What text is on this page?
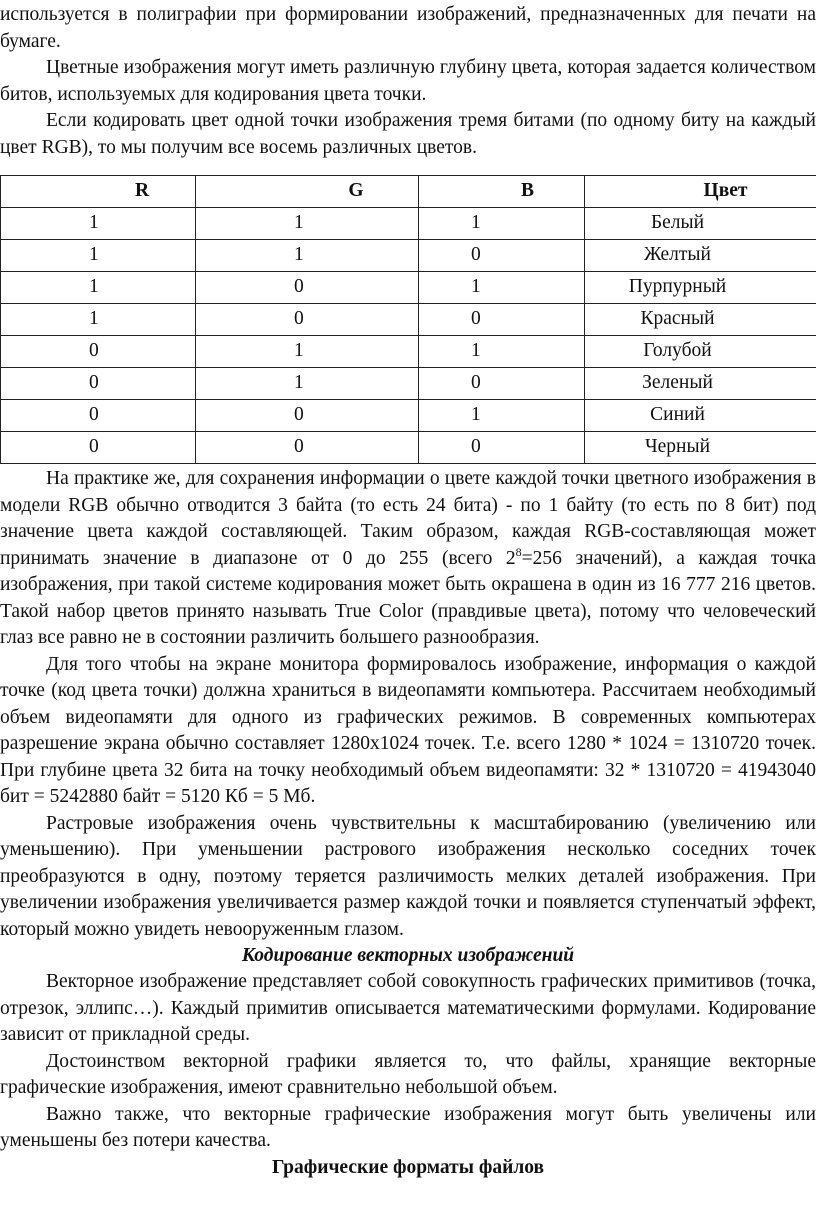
используется в полиграфии при формировании изображений, предназначенных для печати на бумаге.

Цветные изображения могут иметь различную глубину цвета, которая задается количеством битов, используемых для кодирования цвета точки.

Если кодировать цвет одной точки изображения тремя битами (по одному биту на каждый цвет RGB), то мы получим все восемь различных цветов.

R	G	B	Цвет
1	1	1	Белый
1	1	0	Желтый
1	0	1	Пурпурный
1	0	0	Красный
0	1	1	Голубой
0	1	0	Зеленый
0	0	1	Синий
0	0	0	Черный

На практике же, для сохранения информации о цвете каждой точки цветного изображения в модели RGB обычно отводится 3 байта (то есть 24 бита) - по 1 байту (то есть по 8 бит) под значение цвета каждой составляющей. Таким образом, каждая RGB-составляющая может принимать значение в диапазоне от 0 до 255 (всего $2^8=256$ значений), а каждая точка изображения, при такой системе кодирования может быть окрашена в один из 16 777 216 цветов. Такой набор цветов принято называть True Color (правдивые цвета), потому что человеческий глаз все равно не в состоянии различить большего разнообразия.

Для того чтобы на экране монитора формировалось изображение, информация о каждой точке (код цвета точки) должна храниться в видеопамяти компьютера. Рассчитаем необходимый объем видеопамяти для одного из графических режимов. В современных компьютерах разрешение экрана обычно составляет 1280х1024 точек. Т.е. всего 1280 * 1024 = 1310720 точек. При глубине цвета 32 бита на точку необходимый объем видеопамяти: 32 * 1310720 = 41943040 бит = 5242880 байт = 5120 Кб = 5 Мб.

Растровые изображения очень чувствительны к масштабированию (увеличению или уменьшению). При уменьшении растрового изображения несколько соседних точек преобразуются в одну, поэтому теряется различимость мелких деталей изображения. При увеличении изображения увеличивается размер каждой точки и появляется ступенчатый эффект, который можно увидеть невооруженным глазом.

Кодирование векторных изображений

Векторное изображение представляет собой совокупность графических примитивов (точка, отрезок, эллипс…). Каждый примитив описывается математическими формулами. Кодирование зависит от прикладной среды.

Достоинством векторной графики является то, что файлы, хранящие векторные графические изображения, имеют сравнительно небольшой объем.

Важно также, что векторные графические изображения могут быть увеличены или уменьшены без потери качества.

Графические форматы файлов
